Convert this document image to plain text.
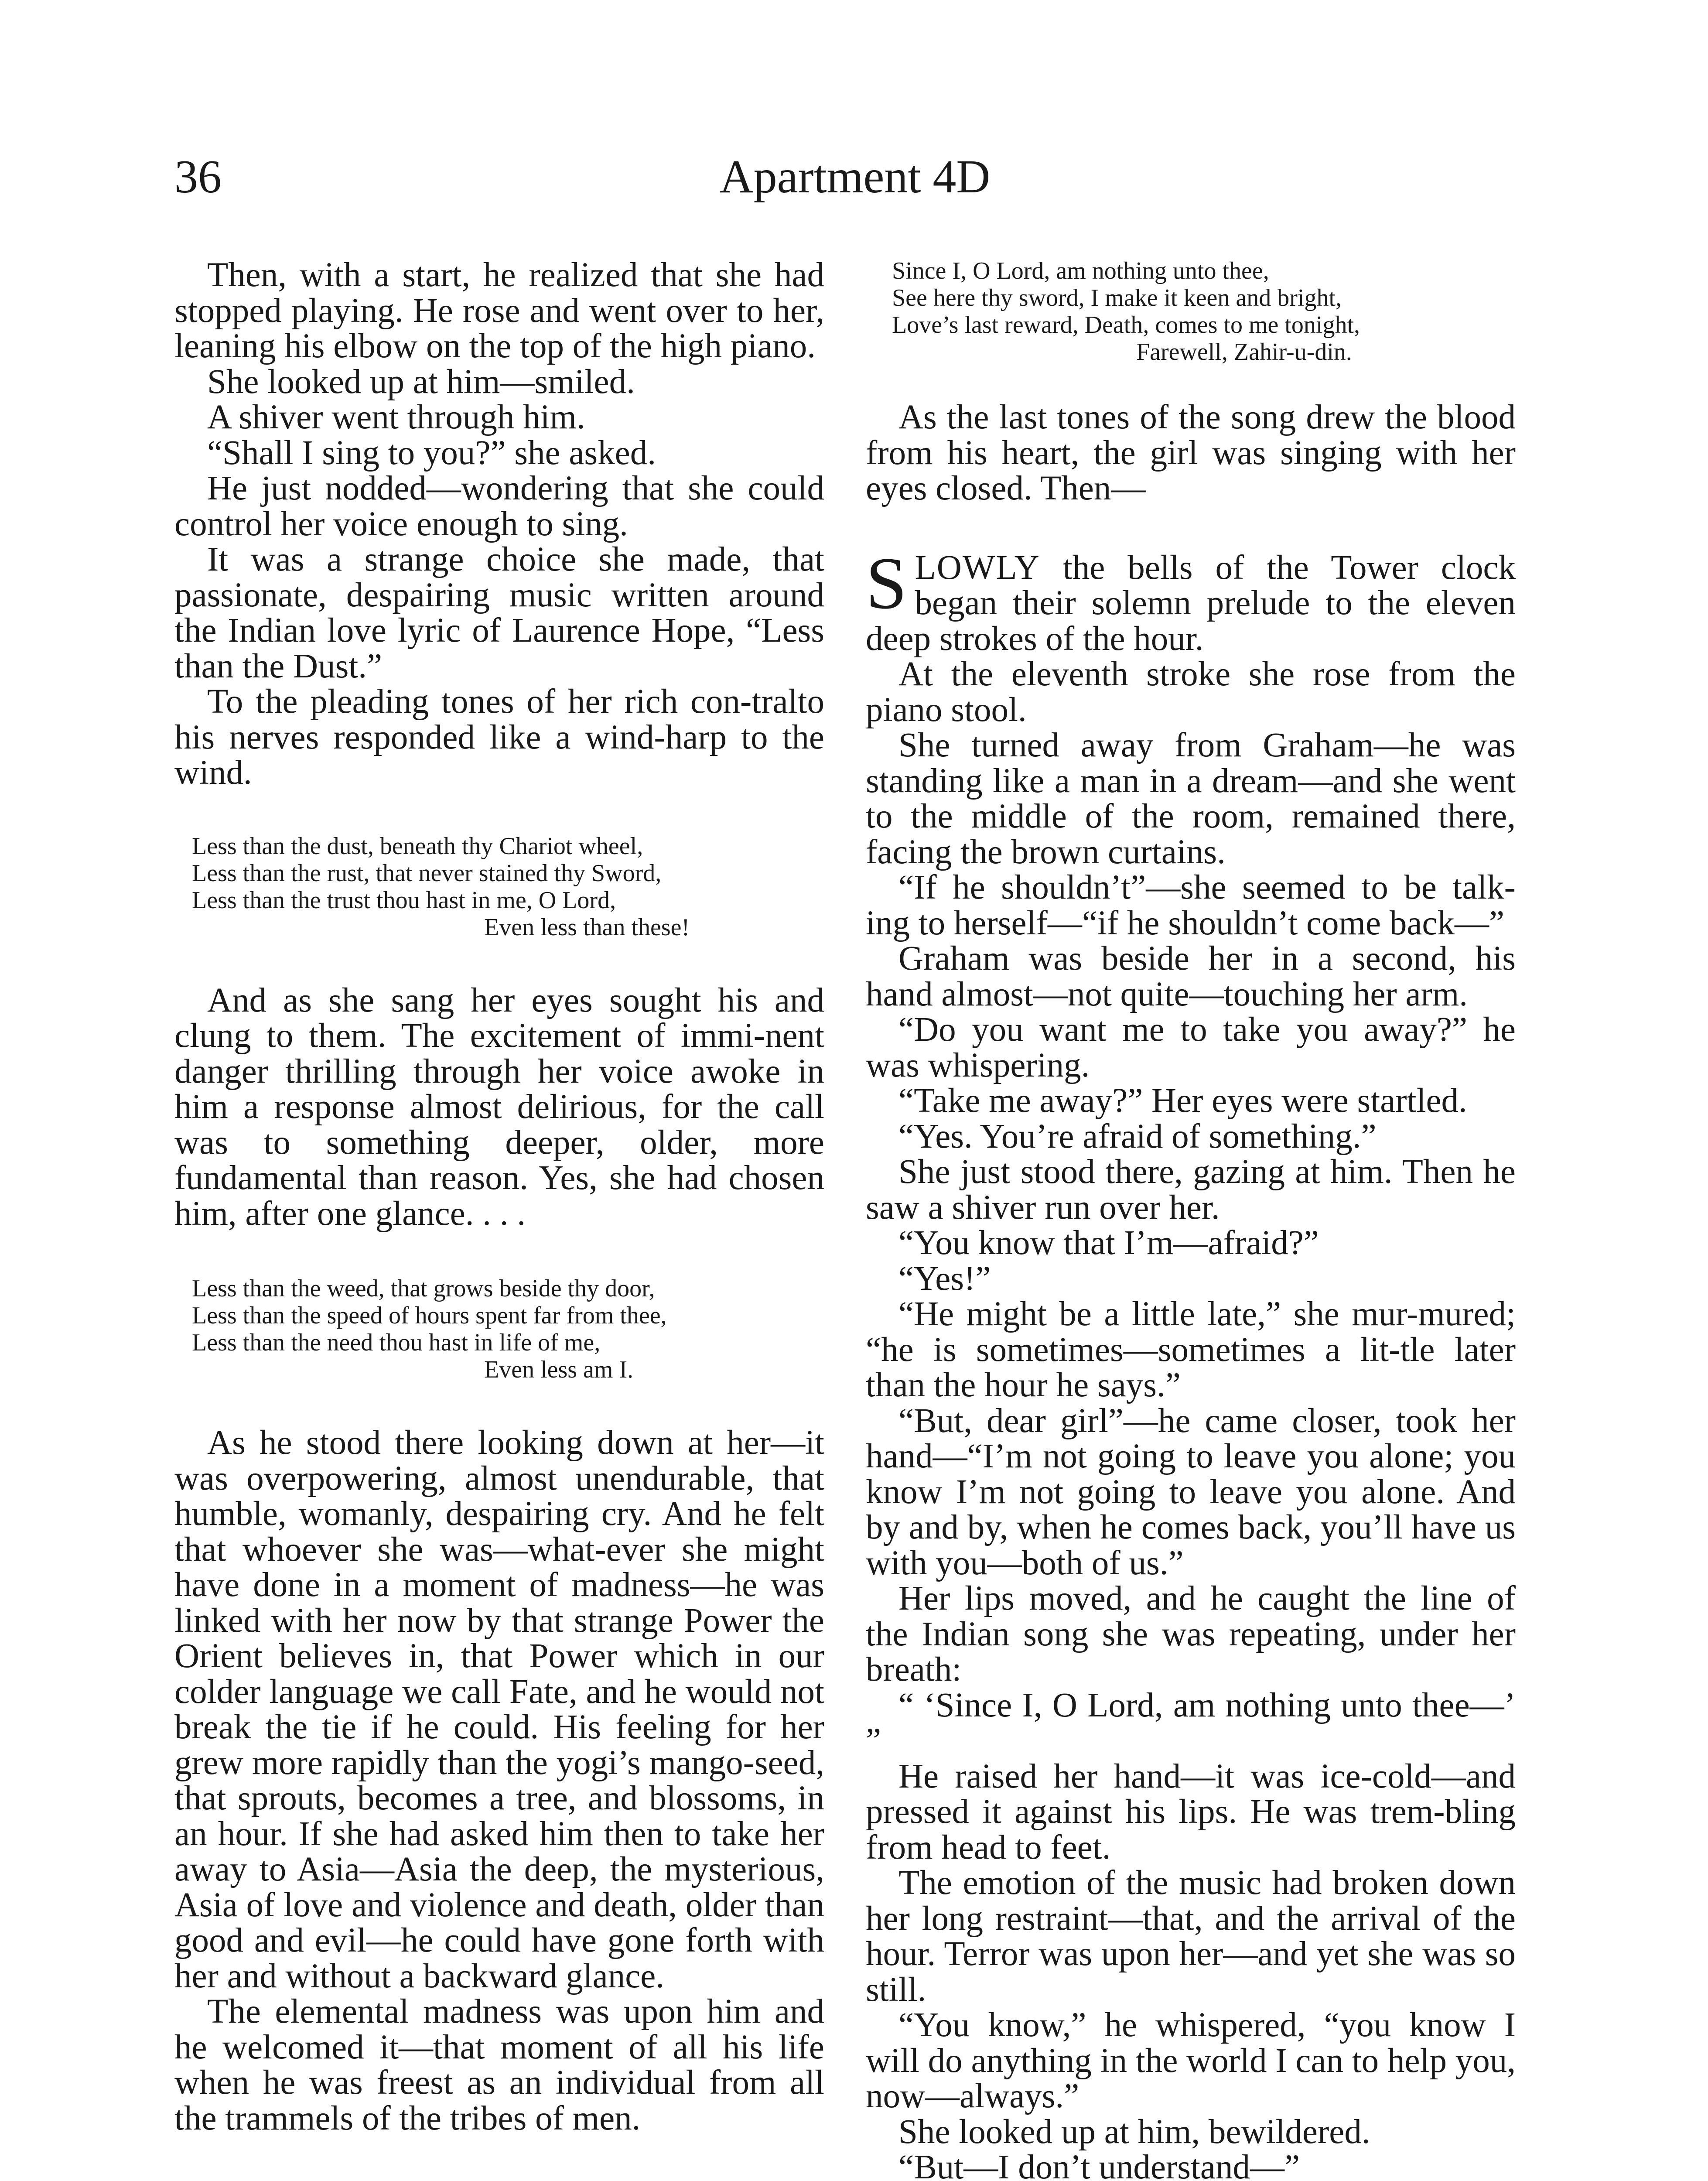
36	Apartment 4D

Then, with a start, he realized that she had stopped playing. He rose and went over to her, leaning his elbow on the top of the high piano.

She looked up at him—smiled.

A shiver went through him.

“Shall I sing to you?” she asked.

He just nodded—wondering that she could control her voice enough to sing.

It was a strange choice she made, that passionate, despairing music written around the Indian love lyric of Laurence Hope, “Less than the Dust.”

To the pleading tones of her rich con-tralto his nerves responded like a wind-harp to the wind.

Less than the dust, beneath thy Chariot wheel,
Less than the rust, that never stained thy Sword,
Less than the trust thou hast in me, O Lord,
Even less than these!

And as she sang her eyes sought his and clung to them. The excitement of immi-nent danger thrilling through her voice awoke in him a response almost delirious, for the call was to something deeper, older, more fundamental than reason. Yes, she had chosen him, after one glance. . . .

Less than the weed, that grows beside thy door,
Less than the speed of hours spent far from thee,
Less than the need thou hast in life of me,
Even less am I.

As he stood there looking down at her—it was overpowering, almost unendurable, that humble, womanly, despairing cry. And he felt that whoever she was—what-ever she might have done in a moment of madness—he was linked with her now by that strange Power the Orient believes in, that Power which in our colder language we call Fate, and he would not break the tie if he could. His feeling for her grew more rapidly than the yogi’s mango-seed, that sprouts, becomes a tree, and blossoms, in an hour. If she had asked him then to take her away to Asia—Asia the deep, the mysterious, Asia of love and violence and death, older than good and evil—he could have gone forth with her and without a backward glance.

The elemental madness was upon him and he welcomed it—that moment of all his life when he was freest as an individual from all the trammels of the tribes of men.

Since I, O Lord, am nothing unto thee,
See here thy sword, I make it keen and bright,
Love’s last reward, Death, comes to me tonight,
Farewell, Zahir-u-din.

As the last tones of the song drew the blood from his heart, the girl was singing with her eyes closed. Then—

SLOWLY the bells of the Tower clock began their solemn prelude to the eleven deep strokes of the hour.

At the eleventh stroke she rose from the piano stool.

She turned away from Graham—he was standing like a man in a dream—and she went to the middle of the room, remained there, facing the brown curtains.

“If he shouldn’t”—she seemed to be talk-ing to herself—“if he shouldn’t come back—”

Graham was beside her in a second, his hand almost—not quite—touching her arm.

“Do you want me to take you away?” he was whispering.

“Take me away?” Her eyes were startled.

“Yes. You’re afraid of something.”

She just stood there, gazing at him. Then he saw a shiver run over her.

“You know that I’m—afraid?”

“Yes!”

“He might be a little late,” she mur-mured; “he is sometimes—sometimes a lit-tle later than the hour he says.”

“But, dear girl”—he came closer, took her hand—“I’m not going to leave you alone; you know I’m not going to leave you alone. And by and by, when he comes back, you’ll have us with you—both of us.”

Her lips moved, and he caught the line of the Indian song she was repeating, under her breath:

“ ‘Since I, O Lord, am nothing unto thee—’ ”

He raised her hand—it was ice-cold—and pressed it against his lips. He was trem-bling from head to feet.

The emotion of the music had broken down her long restraint—that, and the arrival of the hour. Terror was upon her—and yet she was so still.

“You know,” he whispered, “you know I will do anything in the world I can to help you, now—always.”

She looked up at him, bewildered.

“But—I don’t understand—”
